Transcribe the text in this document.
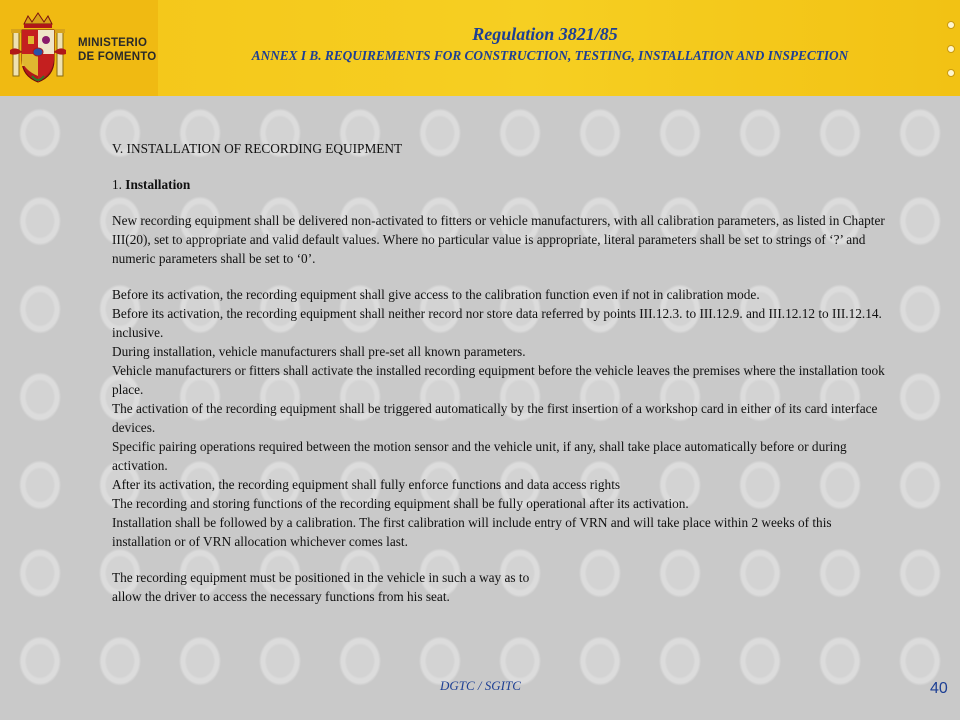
MINISTERIO
DE FOMENTO
Regulation 3821/85
ANNEX I B. REQUIREMENTS FOR CONSTRUCTION, TESTING, INSTALLATION AND INSPECTION

V. INSTALLATION OF RECORDING EQUIPMENT

1. Installation

New recording equipment shall be delivered non-activated to fitters or vehicle manufacturers, with all calibration parameters, as listed in Chapter III(20), set to appropriate and valid default values. Where no particular value is appropriate, literal parameters shall be set to strings of ‘?’ and numeric parameters shall be set to ‘0’.

Before its activation, the recording equipment shall give access to the calibration function even if not in calibration mode.

Before its activation, the recording equipment shall neither record nor store data referred by points III.12.3. to III.12.9. and III.12.12 to III.12.14. inclusive.

During installation, vehicle manufacturers shall pre-set all known parameters.

Vehicle manufacturers or fitters shall activate the installed recording equipment before the vehicle leaves the premises where the installation took place.

The activation of the recording equipment shall be triggered automatically by the first insertion of a workshop card in either of its card interface devices.

Specific pairing operations required between the motion sensor and the vehicle unit, if any, shall take place automatically before or during activation.

After its activation, the recording equipment shall fully enforce functions and data access rights

The recording and storing functions of the recording equipment shall be fully operational after its activation.

Installation shall be followed by a calibration. The first calibration will include entry of VRN and will take place within 2 weeks of this installation or of VRN allocation whichever comes last.

The recording equipment must be positioned in the vehicle in such a way as to

allow the driver to access the necessary functions from his seat.

DGTC / SGITC	40
